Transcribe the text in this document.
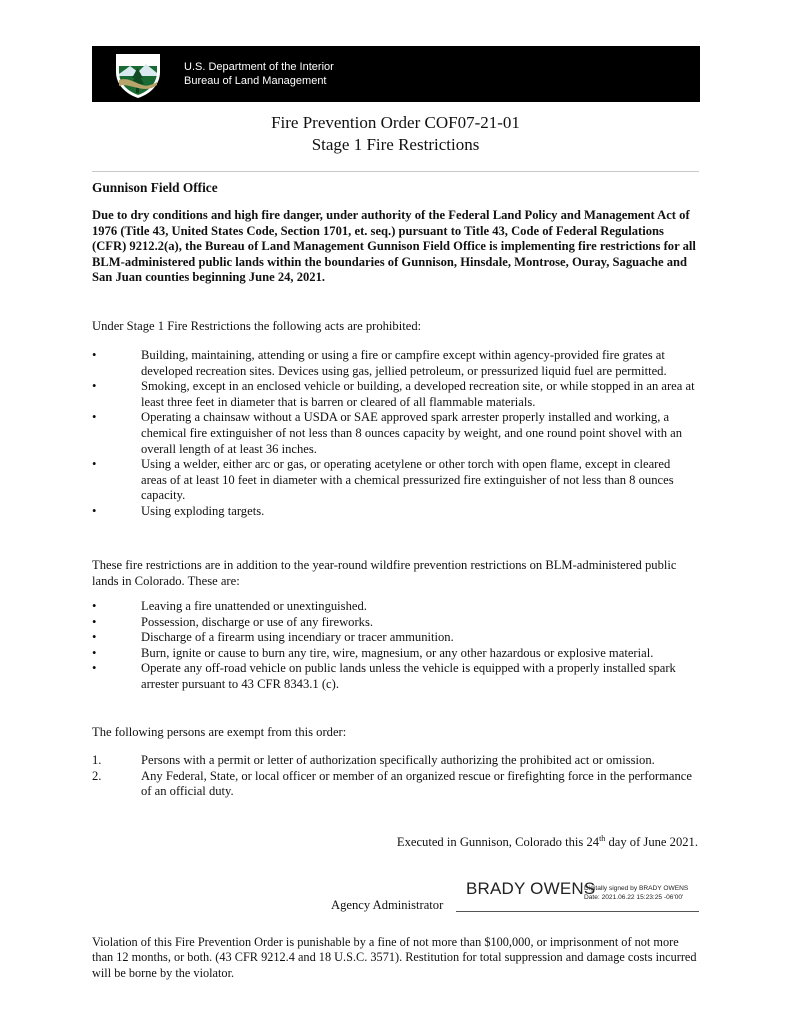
U.S. Department of the Interior
Bureau of Land Management
Fire Prevention Order COF07-21-01
Stage 1 Fire Restrictions
Gunnison Field Office
Due to dry conditions and high fire danger, under authority of the Federal Land Policy and Management Act of 1976 (Title 43, United States Code, Section 1701, et. seq.) pursuant to Title 43, Code of Federal Regulations (CFR) 9212.2(a), the Bureau of Land Management Gunnison Field Office is implementing fire restrictions for all BLM-administered public lands within the boundaries of Gunnison, Hinsdale, Montrose, Ouray, Saguache and San Juan counties beginning June 24, 2021.
Under Stage 1 Fire Restrictions the following acts are prohibited:
•	Building, maintaining, attending or using a fire or campfire except within agency-provided fire grates at developed recreation sites. Devices using gas, jellied petroleum, or pressurized liquid fuel are permitted.
•	Smoking, except in an enclosed vehicle or building, a developed recreation site, or while stopped in an area at least three feet in diameter that is barren or cleared of all flammable materials.
•	Operating a chainsaw without a USDA or SAE approved spark arrester properly installed and working, a chemical fire extinguisher of not less than 8 ounces capacity by weight, and one round point shovel with an overall length of at least 36 inches.
•	Using a welder, either arc or gas, or operating acetylene or other torch with open flame, except in cleared areas of at least 10 feet in diameter with a chemical pressurized fire extinguisher of not less than 8 ounces capacity.
•	Using exploding targets.
These fire restrictions are in addition to the year-round wildfire prevention restrictions on BLM-administered public lands in Colorado. These are:
•	Leaving a fire unattended or unextinguished.
•	Possession, discharge or use of any fireworks.
•	Discharge of a firearm using incendiary or tracer ammunition.
•	Burn, ignite or cause to burn any tire, wire, magnesium, or any other hazardous or explosive material.
•	Operate any off-road vehicle on public lands unless the vehicle is equipped with a properly installed spark arrester pursuant to 43 CFR 8343.1 (c).
The following persons are exempt from this order:
1.	Persons with a permit or letter of authorization specifically authorizing the prohibited act or omission.
2.	Any Federal, State, or local officer or member of an organized rescue or firefighting force in the performance of an official duty.
Executed in Gunnison, Colorado this 24th day of June 2021.
BRADY OWENS
Digitally signed by BRADY OWENS
Date: 2021.06.22 15:23:25 -06'00'
Agency Administrator
Violation of this Fire Prevention Order is punishable by a fine of not more than $100,000, or imprisonment of not more than 12 months, or both. (43 CFR 9212.4 and 18 U.S.C. 3571). Restitution for total suppression and damage costs incurred will be borne by the violator.
